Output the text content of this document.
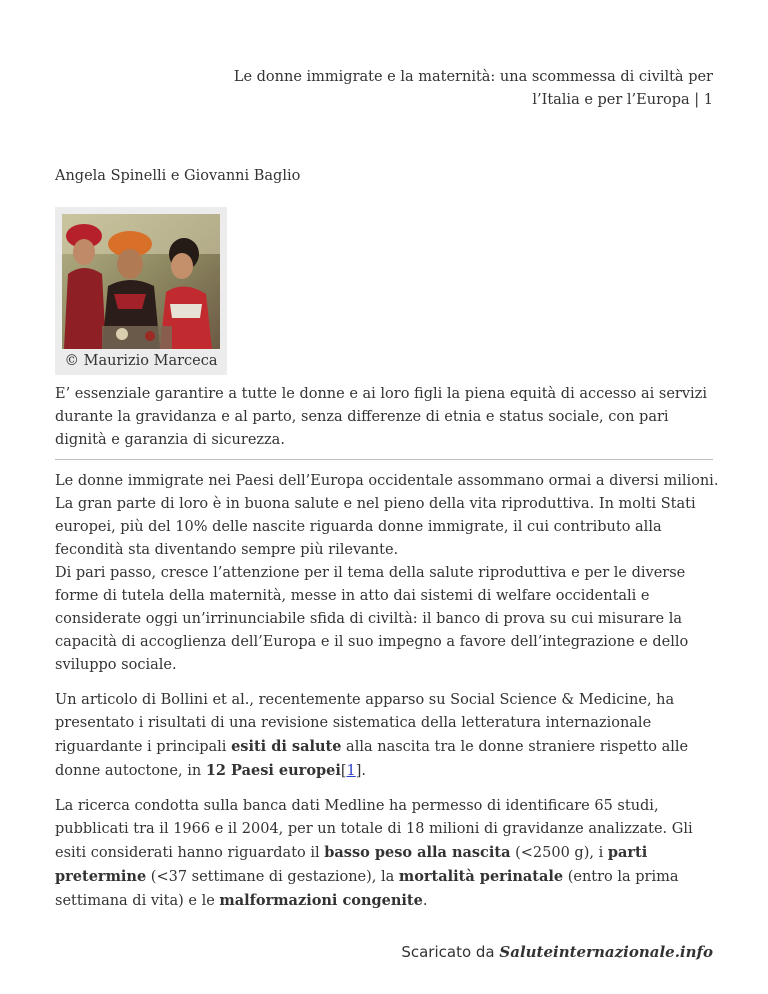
Le donne immigrate e la maternità: una scommessa di civiltà per
l’Italia e per l’Europa | 1
Angela Spinelli e Giovanni Baglio
© Maurizio Marceca

E’ essenziale garantire a tutte le donne e ai loro figli la piena equità di accesso ai servizi durante la gravidanza e al parto, senza differenze di etnia e status sociale, con pari dignità e garanzia di sicurezza.

Le donne immigrate nei Paesi dell’Europa occidentale assommano ormai a diversi milioni. La gran parte di loro è in buona salute e nel pieno della vita riproduttiva. In molti Stati europei, più del 10% delle nascite riguarda donne immigrate, il cui contributo alla fecondità sta diventando sempre più rilevante.
Di pari passo, cresce l’attenzione per il tema della salute riproduttiva e per le diverse forme di tutela della maternità, messe in atto dai sistemi di welfare occidentali e considerate oggi un’irrinunciabile sfida di civiltà: il banco di prova su cui misurare la capacità di accoglienza dell’Europa e il suo impegno a favore dell’integrazione e dello sviluppo sociale.

Un articolo di Bollini et al., recentemente apparso su Social Science & Medicine, ha presentato i risultati di una revisione sistematica della letteratura internazionale riguardante i principali esiti di salute alla nascita tra le donne straniere rispetto alle donne autoctone, in 12 Paesi europei[1].

La ricerca condotta sulla banca dati Medline ha permesso di identificare 65 studi, pubblicati tra il 1966 e il 2004, per un totale di 18 milioni di gravidanze analizzate. Gli esiti considerati hanno riguardato il basso peso alla nascita (<2500 g), i parti pretermine (<37 settimane di gestazione), la mortalità perinatale (entro la prima settimana di vita) e le malformazioni congenite.

Scaricato da Saluteinternazionale.info
